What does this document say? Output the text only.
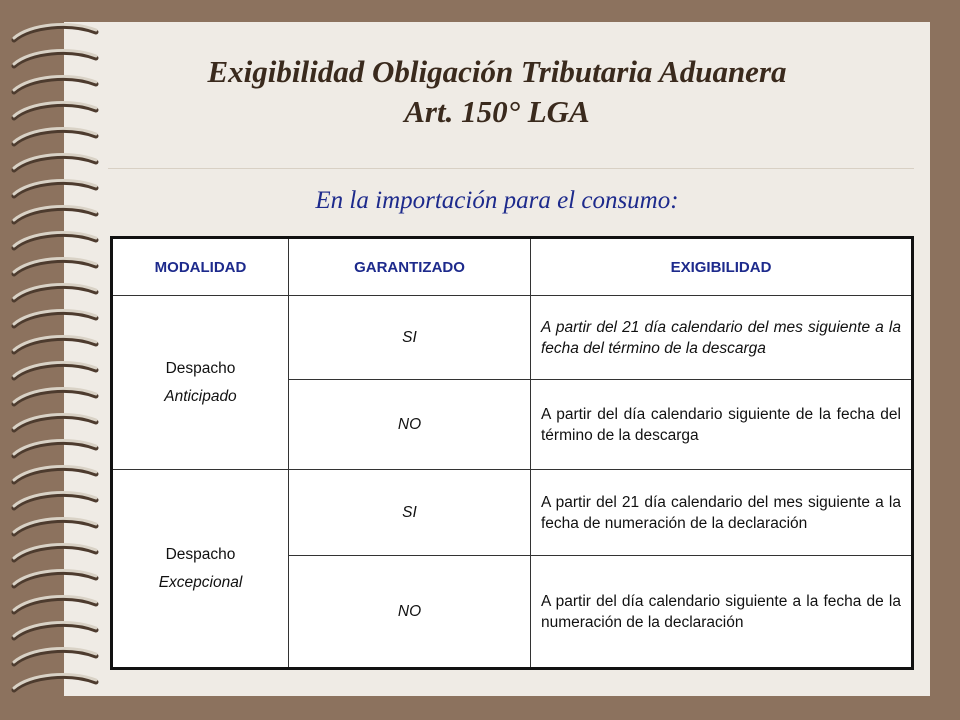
Exigibilidad Obligación Tributaria Aduanera
Art. 150° LGA

En la importación para el consumo:

MODALIDAD	GARANTIZADO	EXIGIBILIDAD

Despacho
Anticipado	SI	A partir del 21 día calendario del mes siguiente a la fecha del término de la descarga
	NO	A partir del día calendario siguiente de la fecha del término de la descarga

Despacho
Excepcional	SI	A partir del 21 día calendario del mes siguiente a la fecha de numeración de la declaración
	NO	A partir del día calendario siguiente a la fecha de la numeración de la declaración
